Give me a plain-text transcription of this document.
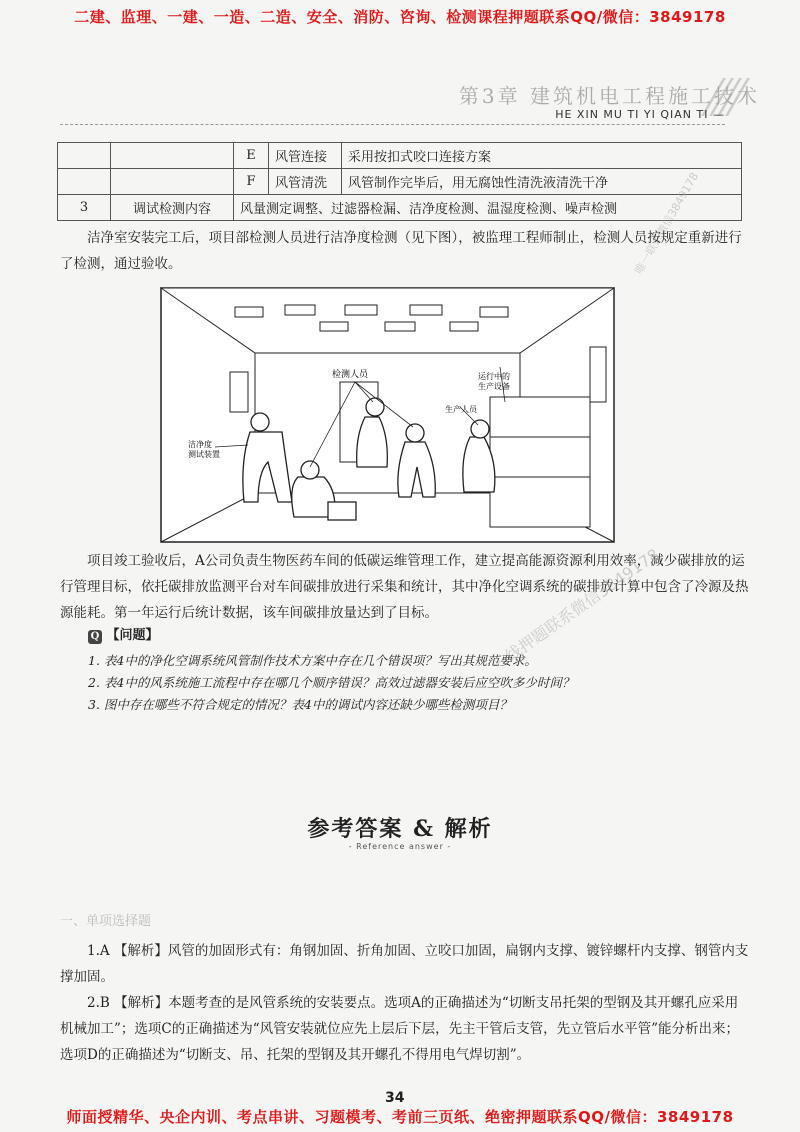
二建、监理、一建、一造、二造、安全、消防、咨询、检测课程押题联系QQ/微信：3849178
第3章 建筑机电工程施工技术
HE XIN MU TI YI QIAN TI —
		E	风管连接	采用按扣式咬口连接方案
		F	风管清洗	风管制作完毕后，用无腐蚀性清洗液清洗干净
3	调试检测内容	风量测定调整、过滤器检漏、洁净度检测、温湿度检测、噪声检测		唯一联系微信3849178
洁净室安装完工后，项目部检测人员进行洁净度检测（见下图），被监理工程师制止，检测人员按规定重新进行了检测，通过验收。
检测人员	运行中的生产设备
生产人员
洁净度测试装置
项目竣工验收后，A公司负责生物医药车间的低碳运维管理工作，建立提高能源资源利用效率，减少碳排放的运行管理目标，依托碳排放监测平台对车间碳排放进行采集和统计，其中净化空调系统的碳排放计算中包含了冷源及热源能耗。第一年运行后统计数据，该车间碳排放量达到了目标。	一线押题联系微信3849178
Q 【问题】
1. 表4中的净化空调系统风管制作技术方案中存在几个错误项？写出其规范要求。
2. 表4中的风系统施工流程中存在哪几个顺序错误？高效过滤器安装后应空吹多少时间？
3. 图中存在哪些不符合规定的情况？表4中的调试内容还缺少哪些检测项目？
参考答案 & 解析
- Reference answer -
一、单项选择题
1.A 【解析】风管的加固形式有：角钢加固、折角加固、立咬口加固，扁钢内支撑、镀锌螺杆内支撑、钢管内支撑加固。
2.B 【解析】本题考查的是风管系统的安装要点。选项A的正确描述为“切断支吊托架的型钢及其开螺孔应采用机械加工”；选项C的正确描述为“风管安装就位应先上层后下层，先主干管后支管，先立管后水平管”能分析出来；选项D的正确描述为“切断支、吊、托架的型钢及其开螺孔不得用电气焊切割”。
34
师面授精华、央企内训、考点串讲、习题模考、考前三页纸、绝密押题联系QQ/微信：3849178
